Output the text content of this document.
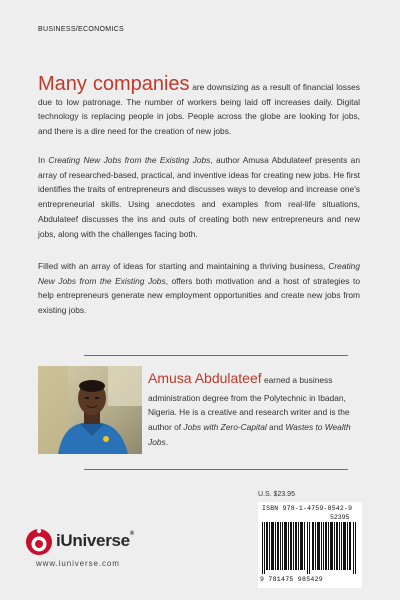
BUSINESS/ECONOMICS

Many companies are downsizing as a result of financial losses due to low patronage. The number of workers being laid off increases daily. Digital technology is replacing people in jobs. People across the globe are looking for jobs, and there is a dire need for the creation of new jobs.

In Creating New Jobs from the Existing Jobs, author Amusa Abdulateef presents an array of researched-based, practical, and inventive ideas for creating new jobs. He first identifies the traits of entrepreneurs and discusses ways to develop and increase one's entrepreneurial skills. Using anecdotes and examples from real-life situations, Abdulateef discusses the ins and outs of creating both new entrepreneurs and new jobs, along with the challenges facing both.

Filled with an array of ideas for starting and maintaining a thriving business, Creating New Jobs from the Existing Jobs, offers both motivation and a host of strategies to help entrepreneurs generate new employment opportunities and create new jobs from existing jobs.

Amusa Abdulateef earned a business administration degree from the Polytechnic in Ibadan, Nigeria. He is a creative and research writer and is the author of Jobs with Zero-Capital and Wastes to Wealth Jobs.
U.S. $23.95
ISBN 978-1-4759-8542-9
52395
9 781475 985429
iUniverse®
www.iuniverse.com
